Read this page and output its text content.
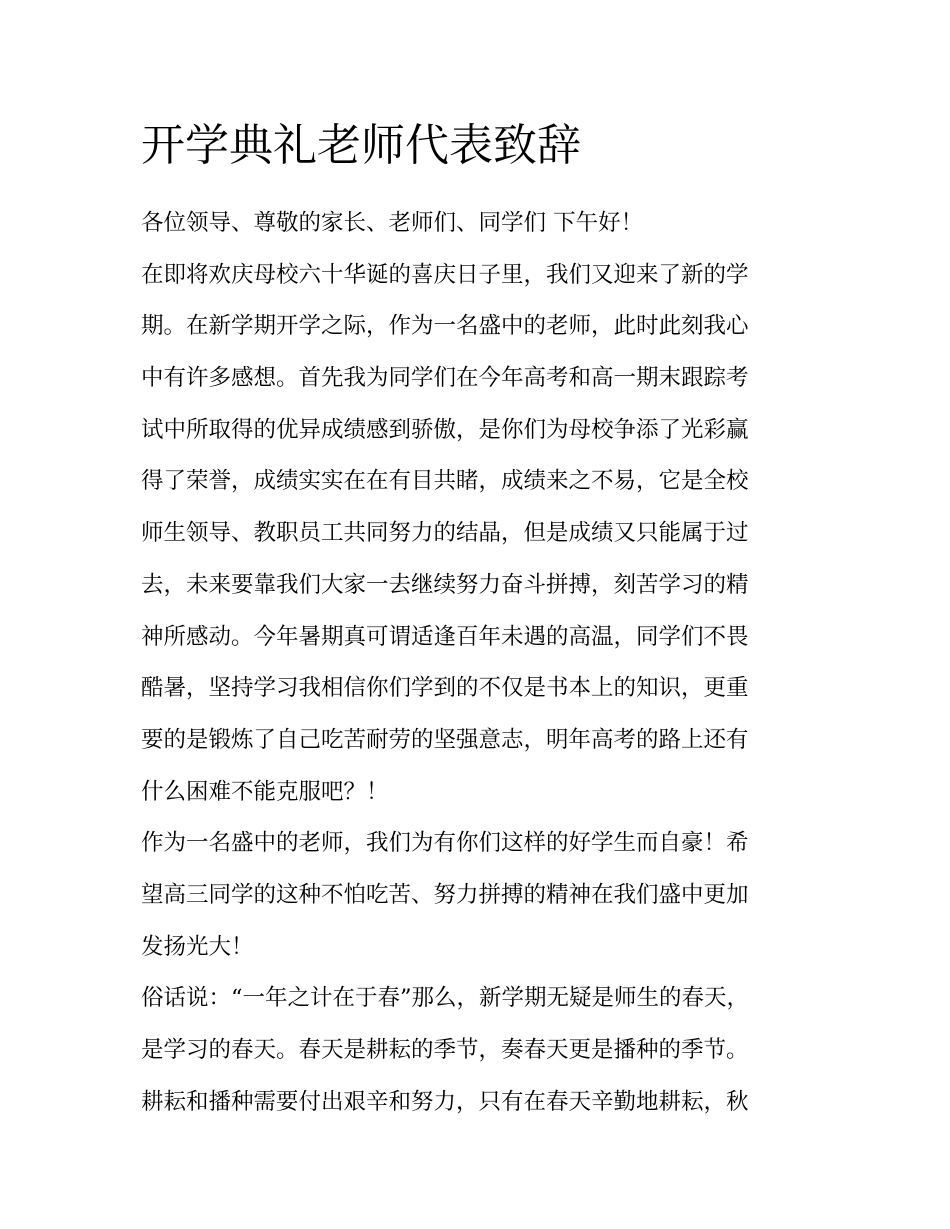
开学典礼老师代表致辞
各位领导、尊敬的家长、老师们、同学们 下午好！
在即将欢庆母校六十华诞的喜庆日子里，我们又迎来了新的学
期。在新学期开学之际，作为一名盛中的老师，此时此刻我心
中有许多感想。首先我为同学们在今年高考和高一期末跟踪考
试中所取得的优异成绩感到骄傲，是你们为母校争添了光彩赢
得了荣誉，成绩实实在在有目共睹，成绩来之不易，它是全校
师生领导、教职员工共同努力的结晶，但是成绩又只能属于过
去，未来要靠我们大家一去继续努力奋斗拼搏，刻苦学习的精
神所感动。今年暑期真可谓适逢百年未遇的高温，同学们不畏
酷暑，坚持学习我相信你们学到的不仅是书本上的知识，更重
要的是锻炼了自己吃苦耐劳的坚强意志，明年高考的路上还有
什么困难不能克服吧？！
作为一名盛中的老师，我们为有你们这样的好学生而自豪！希
望高三同学的这种不怕吃苦、努力拼搏的精神在我们盛中更加
发扬光大！
俗话说：“一年之计在于春”那么，新学期无疑是师生的春天，
是学习的春天。春天是耕耘的季节，奏春天更是播种的季节。
耕耘和播种需要付出艰辛和努力，只有在春天辛勤地耕耘，秋
